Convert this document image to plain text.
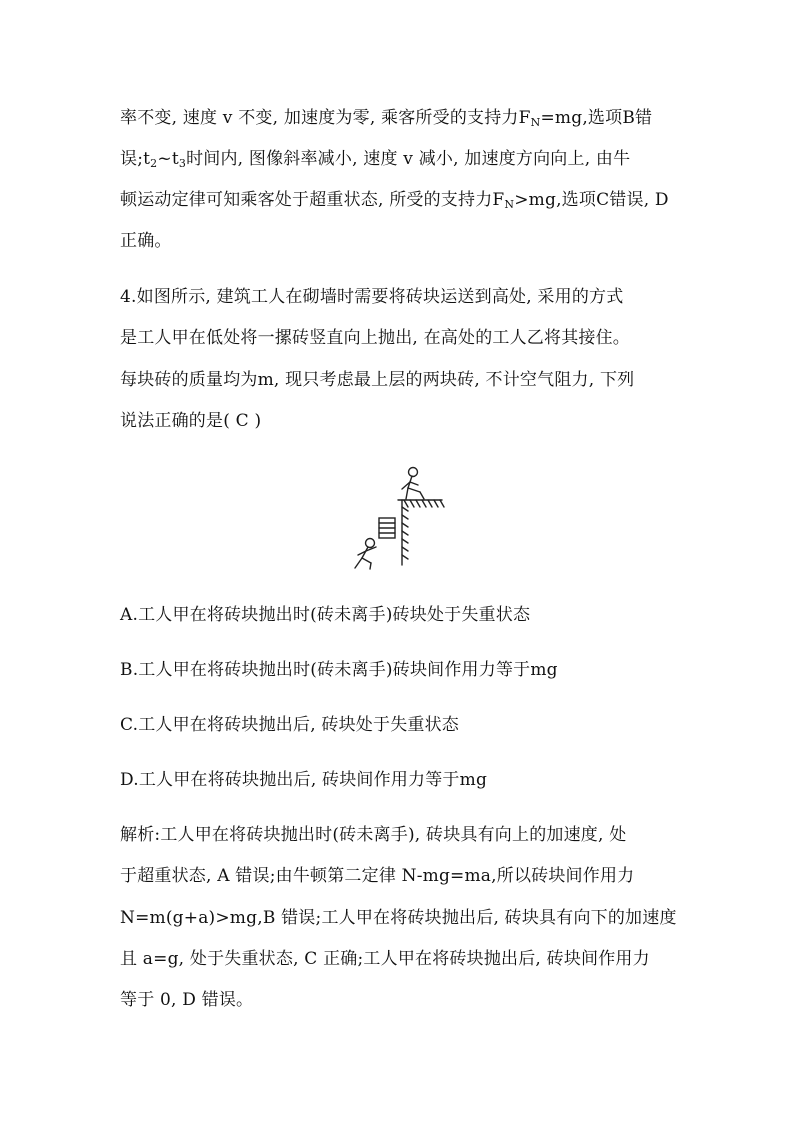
率不变, 速度 v 不变, 加速度为零, 乘客所受的支持力$F_N=mg$,选项B错
误$;t_2\sim t_3$时间内, 图像斜率减小, 速度 v 减小, 加速度方向向上, 由牛
顿运动定律可知乘客处于超重状态, 所受的支持力$F_N>mg$,选项C错误, D
正确。
4.如图所示, 建筑工人在砌墙时需要将砖块运送到高处, 采用的方式
是工人甲在低处将一摞砖竖直向上抛出, 在高处的工人乙将其接住。
每块砖的质量均为m, 现只考虑最上层的两块砖, 不计空气阻力, 下列
说法正确的是( C )
A.工人甲在将砖块抛出时(砖未离手)砖块处于失重状态
B.工人甲在将砖块抛出时(砖未离手)砖块间作用力等于mg
C.工人甲在将砖块抛出后, 砖块处于失重状态
D.工人甲在将砖块抛出后, 砖块间作用力等于mg
解析:工人甲在将砖块抛出时(砖未离手), 砖块具有向上的加速度, 处
于超重状态, A 错误;由牛顿第二定律 N-mg=ma,所以砖块间作用力
N=m(g+a)>mg,B 错误;工人甲在将砖块抛出后, 砖块具有向下的加速度
且 a=g, 处于失重状态, C 正确;工人甲在将砖块抛出后, 砖块间作用力
等于 0, D 错误。
